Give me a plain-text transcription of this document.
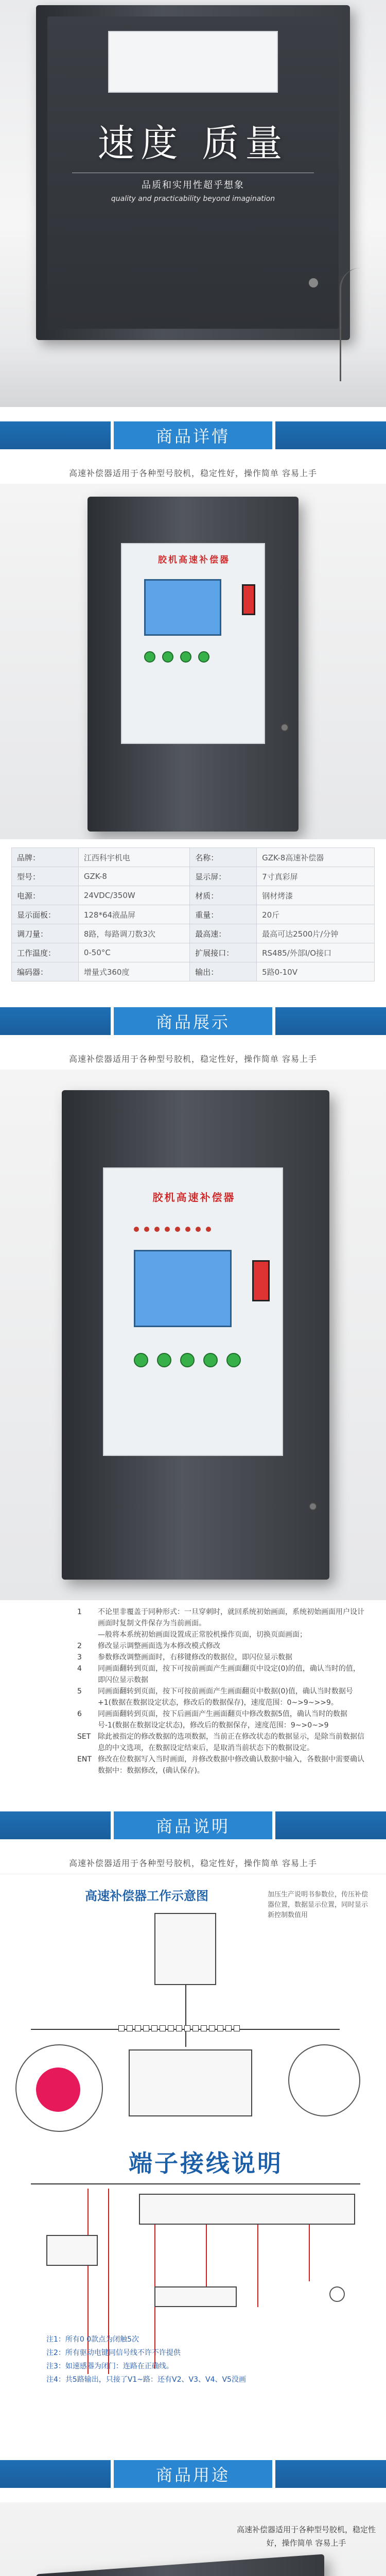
速度 质量
品质和实用性超乎想象
quality and practicability beyond imagination
商品详情
高速补偿器适用于各种型号胶机，稳定性好，操作简单 容易上手
胶机高速补偿器
品牌：	江西科宇机电	名称：	GZK-8高速补偿器
型号：	GZK-8	显示屏：	7寸真彩屏
电源：	24VDC/350W	材质：	钢材烤漆
显示面板：	128*64液晶屏	重量：	20斤
调刀量：	8路，每路调刀数3次	最高速：	最高可达2500片/分钟
工作温度：	0-50°C	扩展接口：	RS485/外部I/O接口
编码器：	增量式360度	输出：	5路0-10V
商品展示
高速补偿器适用于各种型号胶机，稳定性好，操作简单 容易上手
胶机高速补偿器
1	不论里非覆盖于同种形式：一旦穿刺时，就回系统初始画面，系统初始画面用户设计画面时复制文件保存为当前画面。
—般将本系统初始画面设置成正常胶机操作页面，切换页面画面；
2	修改显示调整画面选为本修改模式修改
3	参数修改调整画面时，右移键修改的数据位，即闪位显示数据
4	同画面翻转到页面，按下可按前画面产生画面翻页中设定(0)的值，确认当时的值，即闪位显示数据
5	同画面翻转到页面，按下可按前画面产生画面翻页中数据(0)值，确认当时数据号+1(数据在数据设定状态，修改后的数据保存)，速度范围：0~>9~>>9。
6	同画面翻转到页面，按下后画面产生画面翻页中修改数据5值，确认当时的数据号-1(数据在数据设定状态)，修改后的数据保存，速度范围：9~>0~>9
SET 除此被指定的修改数据的选项数据，当前正在修改状态的数据显示，是除当前数据信息的中文选项，在数据设定结束后，是取消当前状态下的数据设定。
ENT 修改在位数据写入当时画面，并修改数据中修改确认数据中输入，各数据中需要确认数据中：数据修改，(确认保存)。
商品说明
高速补偿器适用于各种型号胶机，稳定性好，操作简单 容易上手
高速补偿器工作示意图	加压生产说明书参数位，传压补偿器位置，数据显示位置，同时显示新控制数值用
端子接线说明
注1：所有0 0款点为闭触5次
注2：所有驱动电键同信号线不许不许提供
注3：如速感器为闭门：连路在正确线。
注4：共5路输出，只接了V1~路：还有V2、V3、V4、V5没画
商品用途
高速补偿器适用于各种型号胶机，稳定性好，操作简单 容易上手
